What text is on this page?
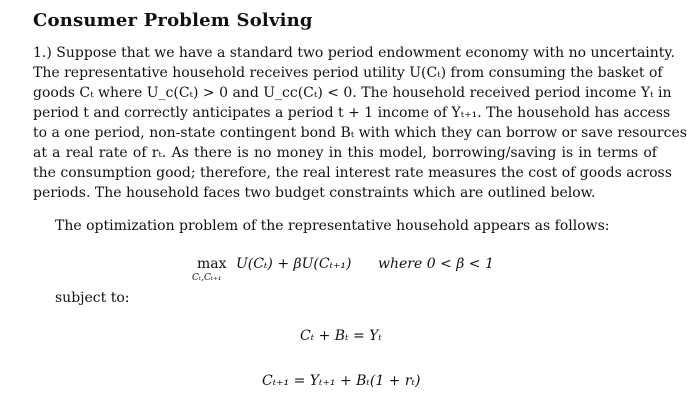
Consumer Problem Solving
1.) Suppose that we have a standard two period endowment economy with no uncertainty.
The representative household receives period utility U(Cₜ) from consuming the basket of
goods Cₜ where U_c(Cₜ) > 0 and U_cc(Cₜ) < 0. The household received period income Yₜ in
period t and correctly anticipates a period t + 1 income of Yₜ₊₁. The household has access
to a one period, non-state contingent bond Bₜ with which they can borrow or save resources
at a real rate of rₜ. As there is no money in this model, borrowing/saving is in terms of
the consumption good; therefore, the real interest rate measures the cost of goods across
periods. The household faces two budget constraints which are outlined below.
The optimization problem of the representative household appears as follows:
max
Cₜ,Cₜ₊₁
U(Cₜ) + βU(Cₜ₊₁) where 0 < β < 1
subject to:
Cₜ + Bₜ = Yₜ
Cₜ₊₁ = Yₜ₊₁ + Bₜ(1 + rₜ)
